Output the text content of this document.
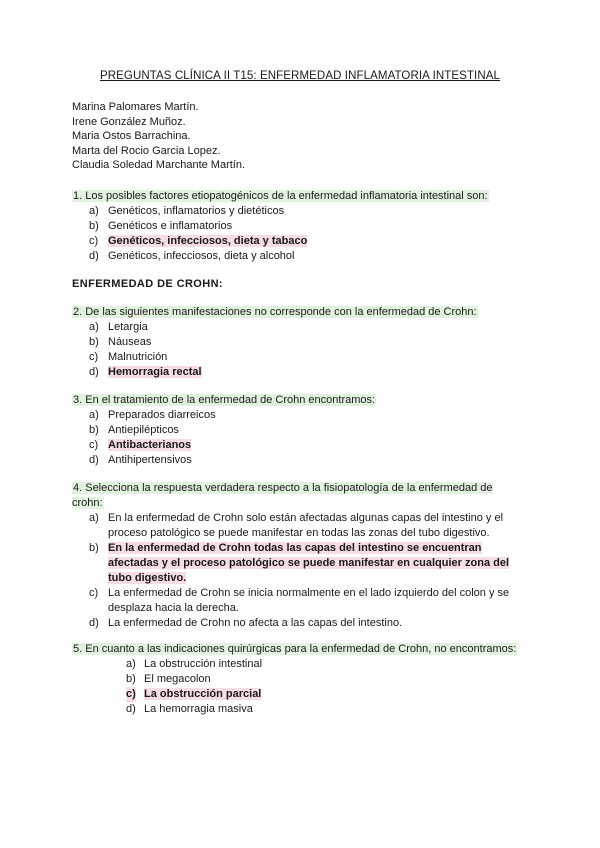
PREGUNTAS CLÍNICA II T15: ENFERMEDAD INFLAMATORIA INTESTINAL
Marina Palomares Martín.
Irene González Muñoz.
Maria Ostos Barrachina.
Marta del Rocio Garcia Lopez.
Claudia Soledad Marchante Martín.
1. Los posibles factores etiopatogénicos de la enfermedad inflamatoria intestinal son:
a) Genéticos, inflamatorios y dietéticos
b) Genéticos e inflamatorios
c) Genéticos, infecciosos, dieta y tabaco
d) Genéticos, infecciosos, dieta y alcohol
ENFERMEDAD DE CROHN:
2. De las siguientes manifestaciones no corresponde con la enfermedad de Crohn:
a) Letargia
b) Náuseas
c) Malnutrición
d) Hemorragia rectal
3. En el tratamiento de la enfermedad de Crohn encontramos:
a) Preparados diarreicos
b) Antiepilépticos
c) Antibacterianos
d) Antihipertensivos
4. Selecciona la respuesta verdadera respecto a la fisiopatología de la enfermedad de crohn:
a) En la enfermedad de Crohn solo están afectadas algunas capas del intestino y el proceso patológico se puede manifestar en todas las zonas del tubo digestivo.
b) En la enfermedad de Crohn todas las capas del intestino se encuentran afectadas y el proceso patológico se puede manifestar en cualquier zona del tubo digestivo.
c) La enfermedad de Crohn se inicia normalmente en el lado izquierdo del colon y se desplaza hacia la derecha.
d) La enfermedad de Crohn no afecta a las capas del intestino.
5. En cuanto a las indicaciones quirúrgicas para la enfermedad de Crohn, no encontramos:
a) La obstrucción intestinal
b) El megacolon
c) La obstrucción parcial
d) La hemorragia masiva
